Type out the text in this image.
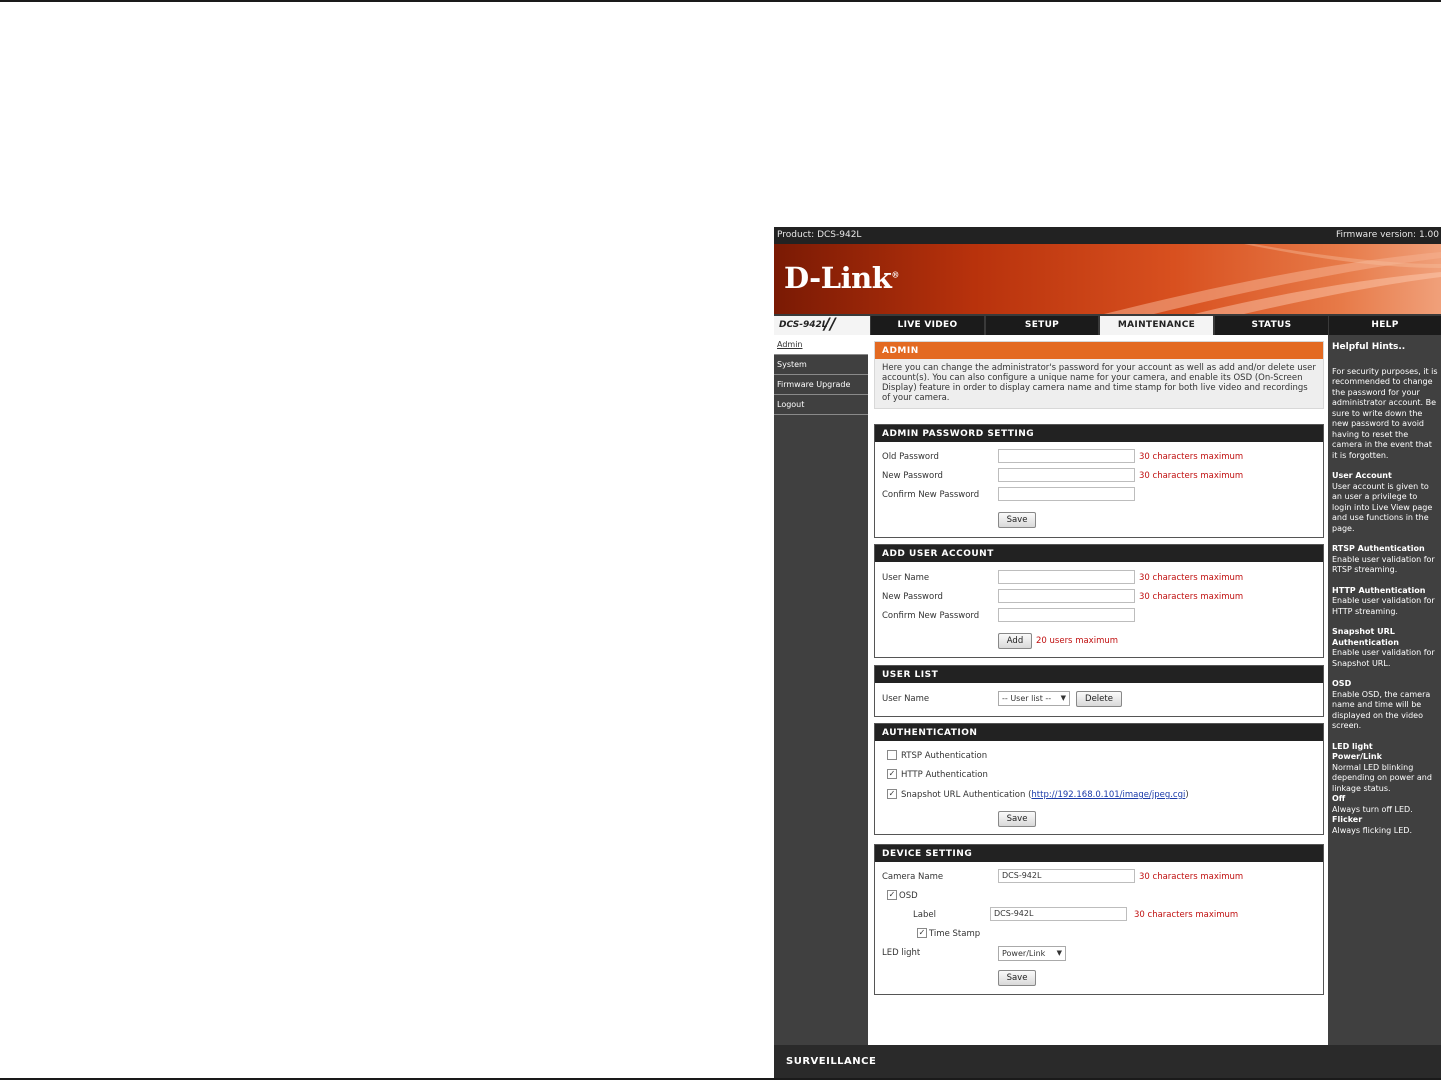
Product: DCS-942L	Firmware version: 1.00
D-Link®
DCS-942L
//	LIVE VIDEO	SETUP	MAINTENANCE	STATUS	HELP
Admin
System
Firmware Upgrade
Logout
ADMIN
Here you can change the administrator's password for your account as well as add and/or delete user account(s). You can also configure a unique name for your camera, and enable its OSD (On-Screen Display) feature in order to display camera name and time stamp for both live video and recordings of your camera.
ADMIN PASSWORD SETTING
Old Password	30 characters maximum
New Password	30 characters maximum
Confirm New Password
Save
ADD USER ACCOUNT
User Name	30 characters maximum
New Password	30 characters maximum
Confirm New Password
Add	20 users maximum
USER LIST
User Name	-- User list -- ▼	Delete
AUTHENTICATION
RTSP Authentication
✓ HTTP Authentication
✓ Snapshot URL Authentication (http://192.168.0.101/image/jpeg.cgi)
Save
DEVICE SETTING
Camera Name	DCS-942L	30 characters maximum
✓ OSD
Label	DCS-942L	30 characters maximum
✓ Time Stamp
LED light	Power/Link ▼
Save
Helpful Hints..

For security purposes, it is recommended to change the password for your administrator account. Be sure to write down the new password to avoid having to reset the camera in the event that it is forgotten.

User Account
User account is given to an user a privilege to login into Live View page and use functions in the page.

RTSP Authentication
Enable user validation for RTSP streaming.

HTTP Authentication
Enable user validation for HTTP streaming.

Snapshot URL Authentication
Enable user validation for Snapshot URL.

OSD
Enable OSD, the camera name and time will be displayed on the video screen.

LED light
Power/Link
Normal LED blinking depending on power and linkage status.
Off
Always turn off LED.
Flicker
Always flicking LED.

SURVEILLANCE
